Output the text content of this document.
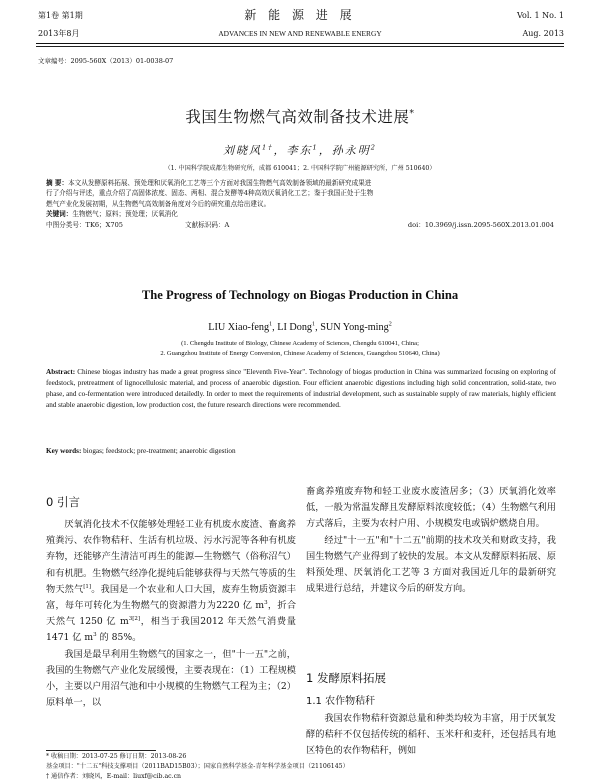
第1卷 第1期
2013年8月
新 能 源 进 展
ADVANCES IN NEW AND RENEWABLE ENERGY
Vol. 1 No. 1
Aug. 2013
文章编号：2095-560X（2013）01-0038-07
我国生物燃气高效制备技术进展*
刘晓风$^{1\dagger}$，李东$^1$，孙永明$^2$
（1. 中国科学院成都生物研究所，成都 610041；2. 中国科学院广州能源研究所，广州 510640）
摘 要：本文从发酵原料拓展、预处理和厌氧消化工艺等三个方面对我国生物燃气高效制备领域的最新研究成果进
行了介绍与评述，重点介绍了高固体浓度、固态、两相、混合发酵等4种高效厌氧消化工艺；鉴于我国正处于生物
燃气产业化发展初期，从生物燃气高效制备角度对今后的研究重点给出建议。
关键词：生物燃气；原料；预处理；厌氧消化
中图分类号：TK6；X705	文献标识码：A	doi：10.3969/j.issn.2095-560X.2013.01.004
The Progress of Technology on Biogas Production in China
LIU Xiao-feng$^1$, LI Dong$^1$, SUN Yong-ming$^2$
(1. Chengdu Institute of Biology, Chinese Academy of Sciences, Chengdu 610041, China;
2. Guangzhou Institute of Energy Conversion, Chinese Academy of Sciences, Guangzhou 510640, China)
Abstract: Chinese biogas industry has made a great progress since "Eleventh Five-Year". Technology of biogas production in China was summarized focusing on exploring of feedstock, pretreatment of lignocellulosic material, and process of anaerobic digestion. Four efficient anaerobic digestions including high solid concentration, solid-state, two phase, and co-fermentation were introduced detailedly. In order to meet the requirements of industrial development, such as sustainable supply of raw materials, highly efficient and stable anaerobic digestion, low production cost, the future research directions were recommended.
Key words: biogas; feedstock; pre-treatment; anaerobic digestion
0 引言

厌氧消化技术不仅能够处理轻工业有机废水废渣、畜禽养殖粪污、农作物秸秆、生活有机垃圾、污水污泥等各种有机废弃物，还能够产生清洁可再生的能源—生物燃气（俗称沼气）和有机肥。生物燃气经净化提纯后能够获得与天然气等质的生物天然气[1]。我国是一个农业和人口大国，废弃生物质资源丰富，每年可转化为生物燃气的资源潜力为2220 亿 $m^3$，折合天然气 1250 亿 $m^{3[2]}$，相当于我国2012 年天然气消费量 1471 亿 $m^3$ 的 85%。

我国是最早利用生物燃气的国家之一，但"十一五"之前，我国的生物燃气产业化发展缓慢，主要表现在：（1）工程规模小，主要以户用沼气池和中小规模的生物燃气工程为主；（2）原料单一，以

畜禽养殖废弃物和轻工业废水废渣居多；（3）厌氧消化效率低，一般为常温发酵且发酵原料浓度较低；（4）生物燃气利用方式落后，主要为农村户用、小规模发电或锅炉燃烧自用。

经过"十一五"和"十二五"前期的技术攻关和财政支持，我国生物燃气产业得到了较快的发展。本文从发酵原料拓展、原料预处理、厌氧消化工艺等 3 方面对我国近几年的最新研究成果进行总结，并建议今后的研发方向。

1 发酵原料拓展
1.1 农作物秸秆

我国农作物秸秆资源总量和种类均较为丰富，用于厌氧发酵的秸秆不仅包括传统的稻秆、玉米秆和麦秆，还包括具有地区特色的农作物秸秆，例如

* 收稿日期：2013-07-25 修订日期：2013-08-26
基金项目："十二五"科技支撑项目（2011BAD15B03）；国家自然科学基金-青年科学基金项目（21106145）
† 通信作者：刘晓风，E-mail：liuxf@cib.ac.cn
